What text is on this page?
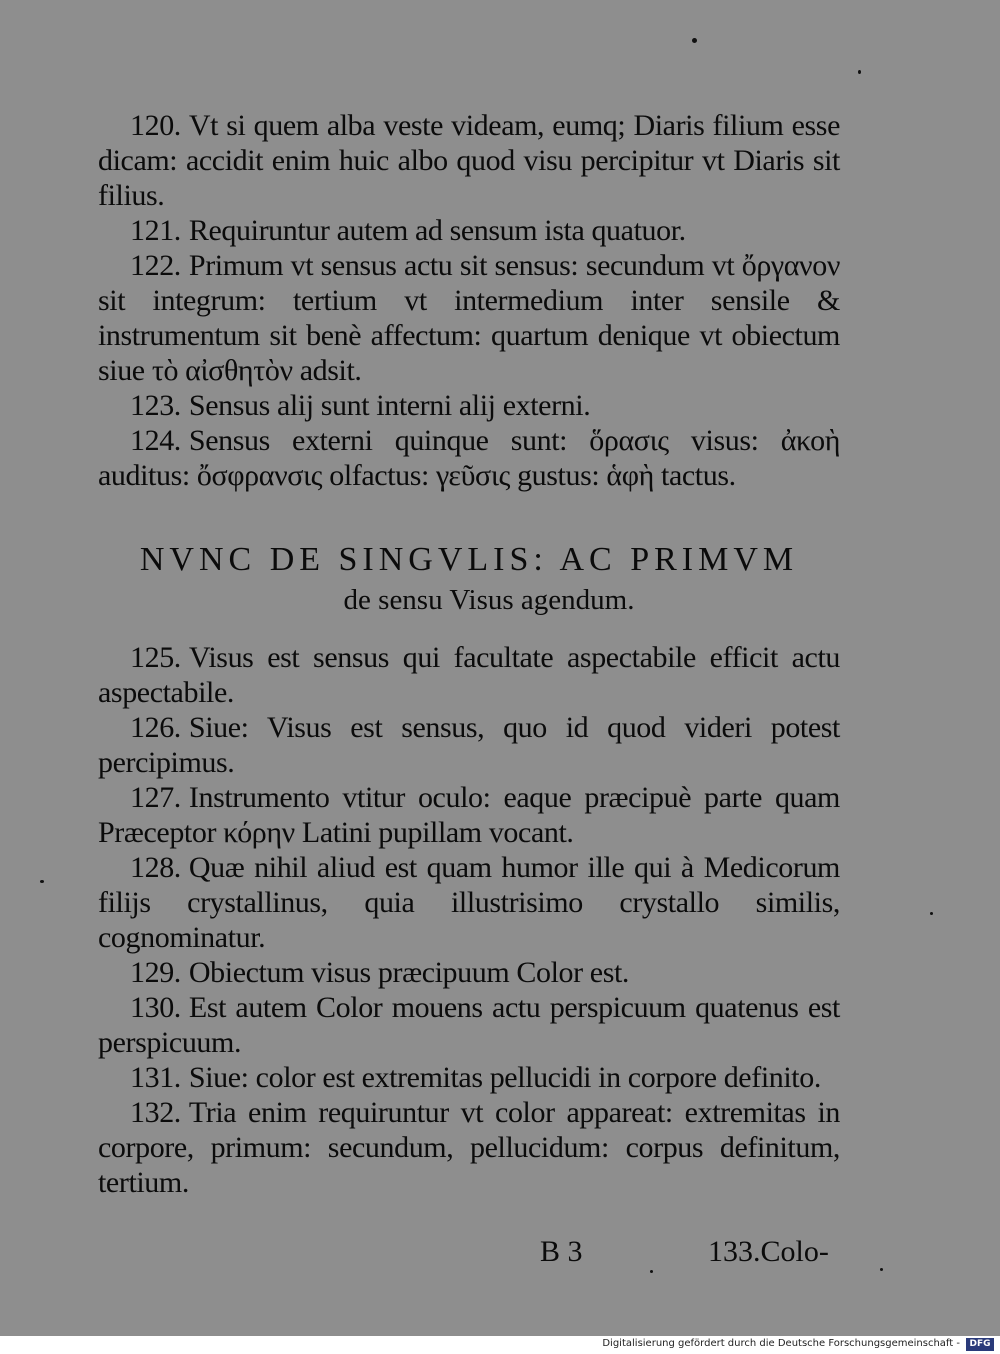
120. Vt si quem alba veste videam, eumq; Diaris filium esse dicam: accidit enim huic albo quod visu percipitur vt Diaris sit filius.

121. Requiruntur autem ad sensum ista quatuor.

122. Primum vt sensus actu sit sensus: secundum vt ὄργανον sit integrum: tertium vt intermedium inter sensile & instrumentum sit benè affectum: quartum denique vt obiectum siue τὸ αἰσθητὸν adsit.

123. Sensus alij sunt interni alij externi.

124. Sensus externi quinque sunt: ὅρασις visus: ἀκοὴ auditus: ὄσφρανσις olfactus: γεῦσις gustus: ἁφὴ tactus.

NVNC DE SINGVLIS: AC PRIMVM
de sensu Visus agendum.

125. Visus est sensus qui facultate aspectabile efficit actu aspectabile.

126. Siue: Visus est sensus, quo id quod videri potest percipimus.

127. Instrumento vtitur oculo: eaque præcipuè parte quam Præceptor κόρην Latini pupillam vocant.

128. Quæ nihil aliud est quam humor ille qui à Medicorum filijs crystallinus, quia illustrisimo crystallo similis, cognominatur.

129. Obiectum visus præcipuum Color est.

130. Est autem Color mouens actu perspicuum quatenus est perspicuum.

131. Siue: color est extremitas pellucidi in corpore definito.

132. Tria enim requiruntur vt color appareat: extremitas in corpore, primum: secundum, pellucidum: corpus definitum, tertium.

B 3	133.Colo-
Digitalisierung gefördert durch die Deutsche Forschungsgemeinschaft -	DFG
